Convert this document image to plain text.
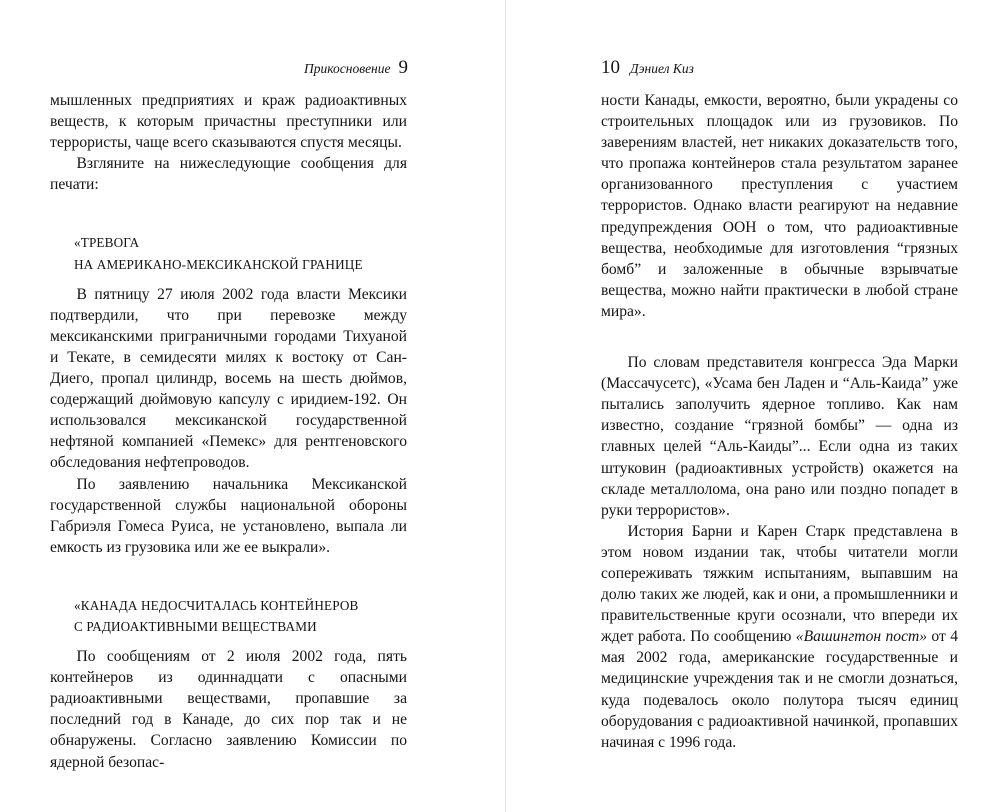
Прикосновение 9

мышленных предприятиях и краж радиоактивных веществ, к которым причастны преступники или террористы, чаще всего сказываются спустя месяцы.

Взгляните на нижеследующие сообщения для печати:

«ТРЕВОГА
НА АМЕРИКАНО-МЕКСИКАНСКОЙ ГРАНИЦЕ

В пятницу 27 июля 2002 года власти Мексики подтвердили, что при перевозке между мексиканскими приграничными городами Тихуаной и Текате, в семидесяти милях к востоку от Сан-Диего, пропал цилиндр, восемь на шесть дюймов, содержащий дюймовую капсулу с иридием-192. Он использовался мексиканской государственной нефтяной компанией «Пемекс» для рентгеновского обследования нефтепроводов.

По заявлению начальника Мексиканской государственной службы национальной обороны Габриэля Гомеса Руиса, не установлено, выпала ли емкость из грузовика или же ее выкрали».

«КАНАДА НЕДОСЧИТАЛАСЬ КОНТЕЙНЕРОВ
С РАДИОАКТИВНЫМИ ВЕЩЕСТВАМИ

По сообщениям от 2 июля 2002 года, пять контейнеров из одиннадцати с опасными радиоактивными веществами, пропавшие за последний год в Канаде, до сих пор так и не обнаружены. Согласно заявлению Комиссии по ядерной безопас-

10 Дэниел Киз

ности Канады, емкости, вероятно, были украдены со строительных площадок или из грузовиков. По заверениям властей, нет никаких доказательств того, что пропажа контейнеров стала результатом заранее организованного преступления с участием террористов. Однако власти реагируют на недавние предупреждения ООН о том, что радиоактивные вещества, необходимые для изготовления “грязных бомб” и заложенные в обычные взрывчатые вещества, можно найти практически в любой стране мира».

По словам представителя конгресса Эда Марки (Массачусетс), «Усама бен Ладен и “Аль-Каида” уже пытались заполучить ядерное топливо. Как нам известно, создание “грязной бомбы” — одна из главных целей “Аль-Каиды”... Если одна из таких штуковин (радиоактивных устройств) окажется на складе металлолома, она рано или поздно попадет в руки террористов».

История Барни и Карен Старк представлена в этом новом издании так, чтобы читатели могли сопереживать тяжким испытаниям, выпавшим на долю таких же людей, как и они, а промышленники и правительственные круги осознали, что впереди их ждет работа. По сообщению «Вашингтон пост» от 4 мая 2002 года, американские государственные и медицинские учреждения так и не смогли дознаться, куда подевалось около полутора тысяч единиц оборудования с радиоактивной начинкой, пропавших начиная с 1996 года.
